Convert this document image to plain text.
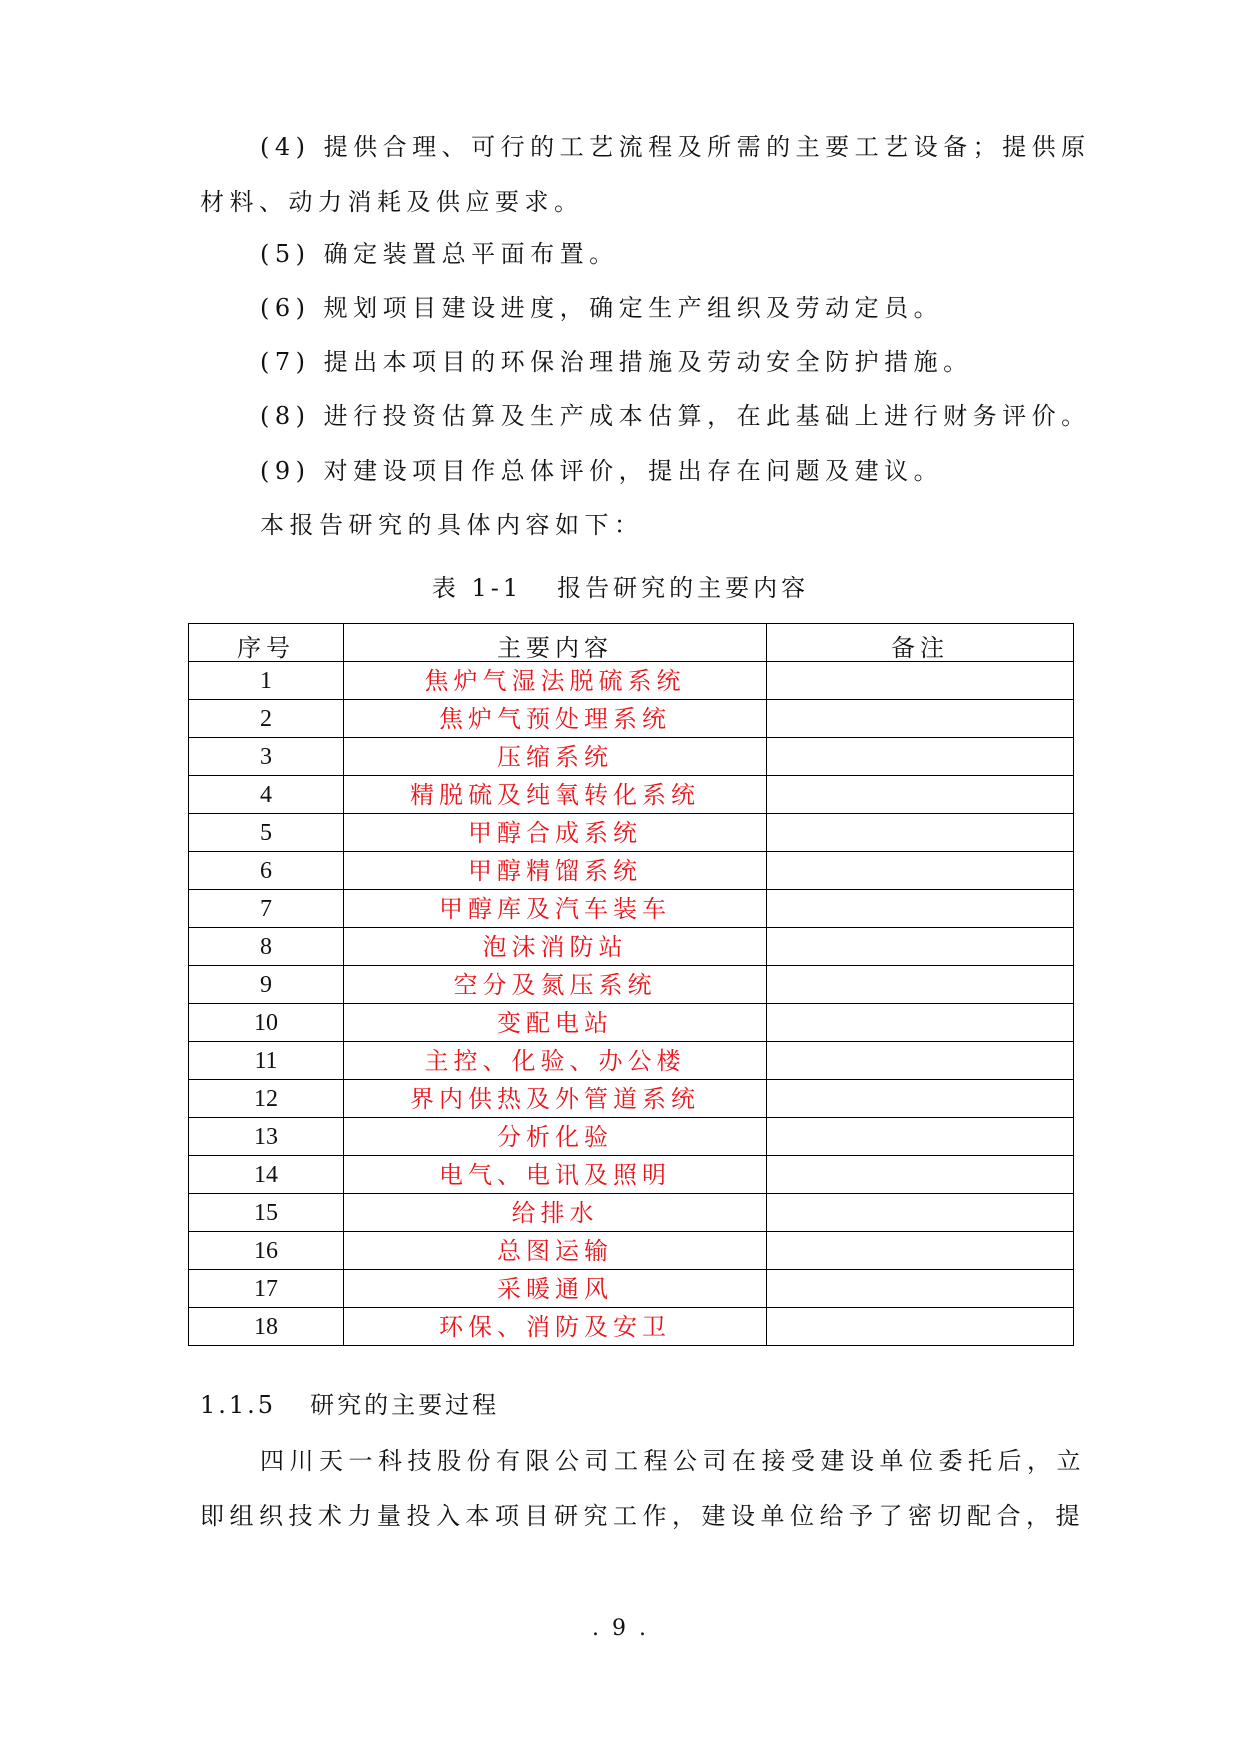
(4) 提供合理、可行的工艺流程及所需的主要工艺设备；提供原
材料、动力消耗及供应要求。
(5) 确定装置总平面布置。
(6) 规划项目建设进度，确定生产组织及劳动定员。
(7) 提出本项目的环保治理措施及劳动安全防护措施。
(8) 进行投资估算及生产成本估算，在此基础上进行财务评价。
(9) 对建设项目作总体评价，提出存在问题及建议。
本报告研究的具体内容如下：
表 1-1   报告研究的主要内容
序号	主要内容	备注
1	焦炉气湿法脱硫系统	
2	焦炉气预处理系统	
3	压缩系统	
4	精脱硫及纯氧转化系统	
5	甲醇合成系统	
6	甲醇精馏系统	
7	甲醇库及汽车装车	
8	泡沫消防站	
9	空分及氮压系统	
10	变配电站	
11	主控、化验、办公楼	
12	界内供热及外管道系统	
13	分析化验	
14	电气、电讯及照明	
15	给排水	
16	总图运输	
17	采暖通风	
18	环保、消防及安卫	
1.1.5 研究的主要过程
四川天一科技股份有限公司工程公司在接受建设单位委托后，立
即组织技术力量投入本项目研究工作，建设单位给予了密切配合，提
. 9 .
